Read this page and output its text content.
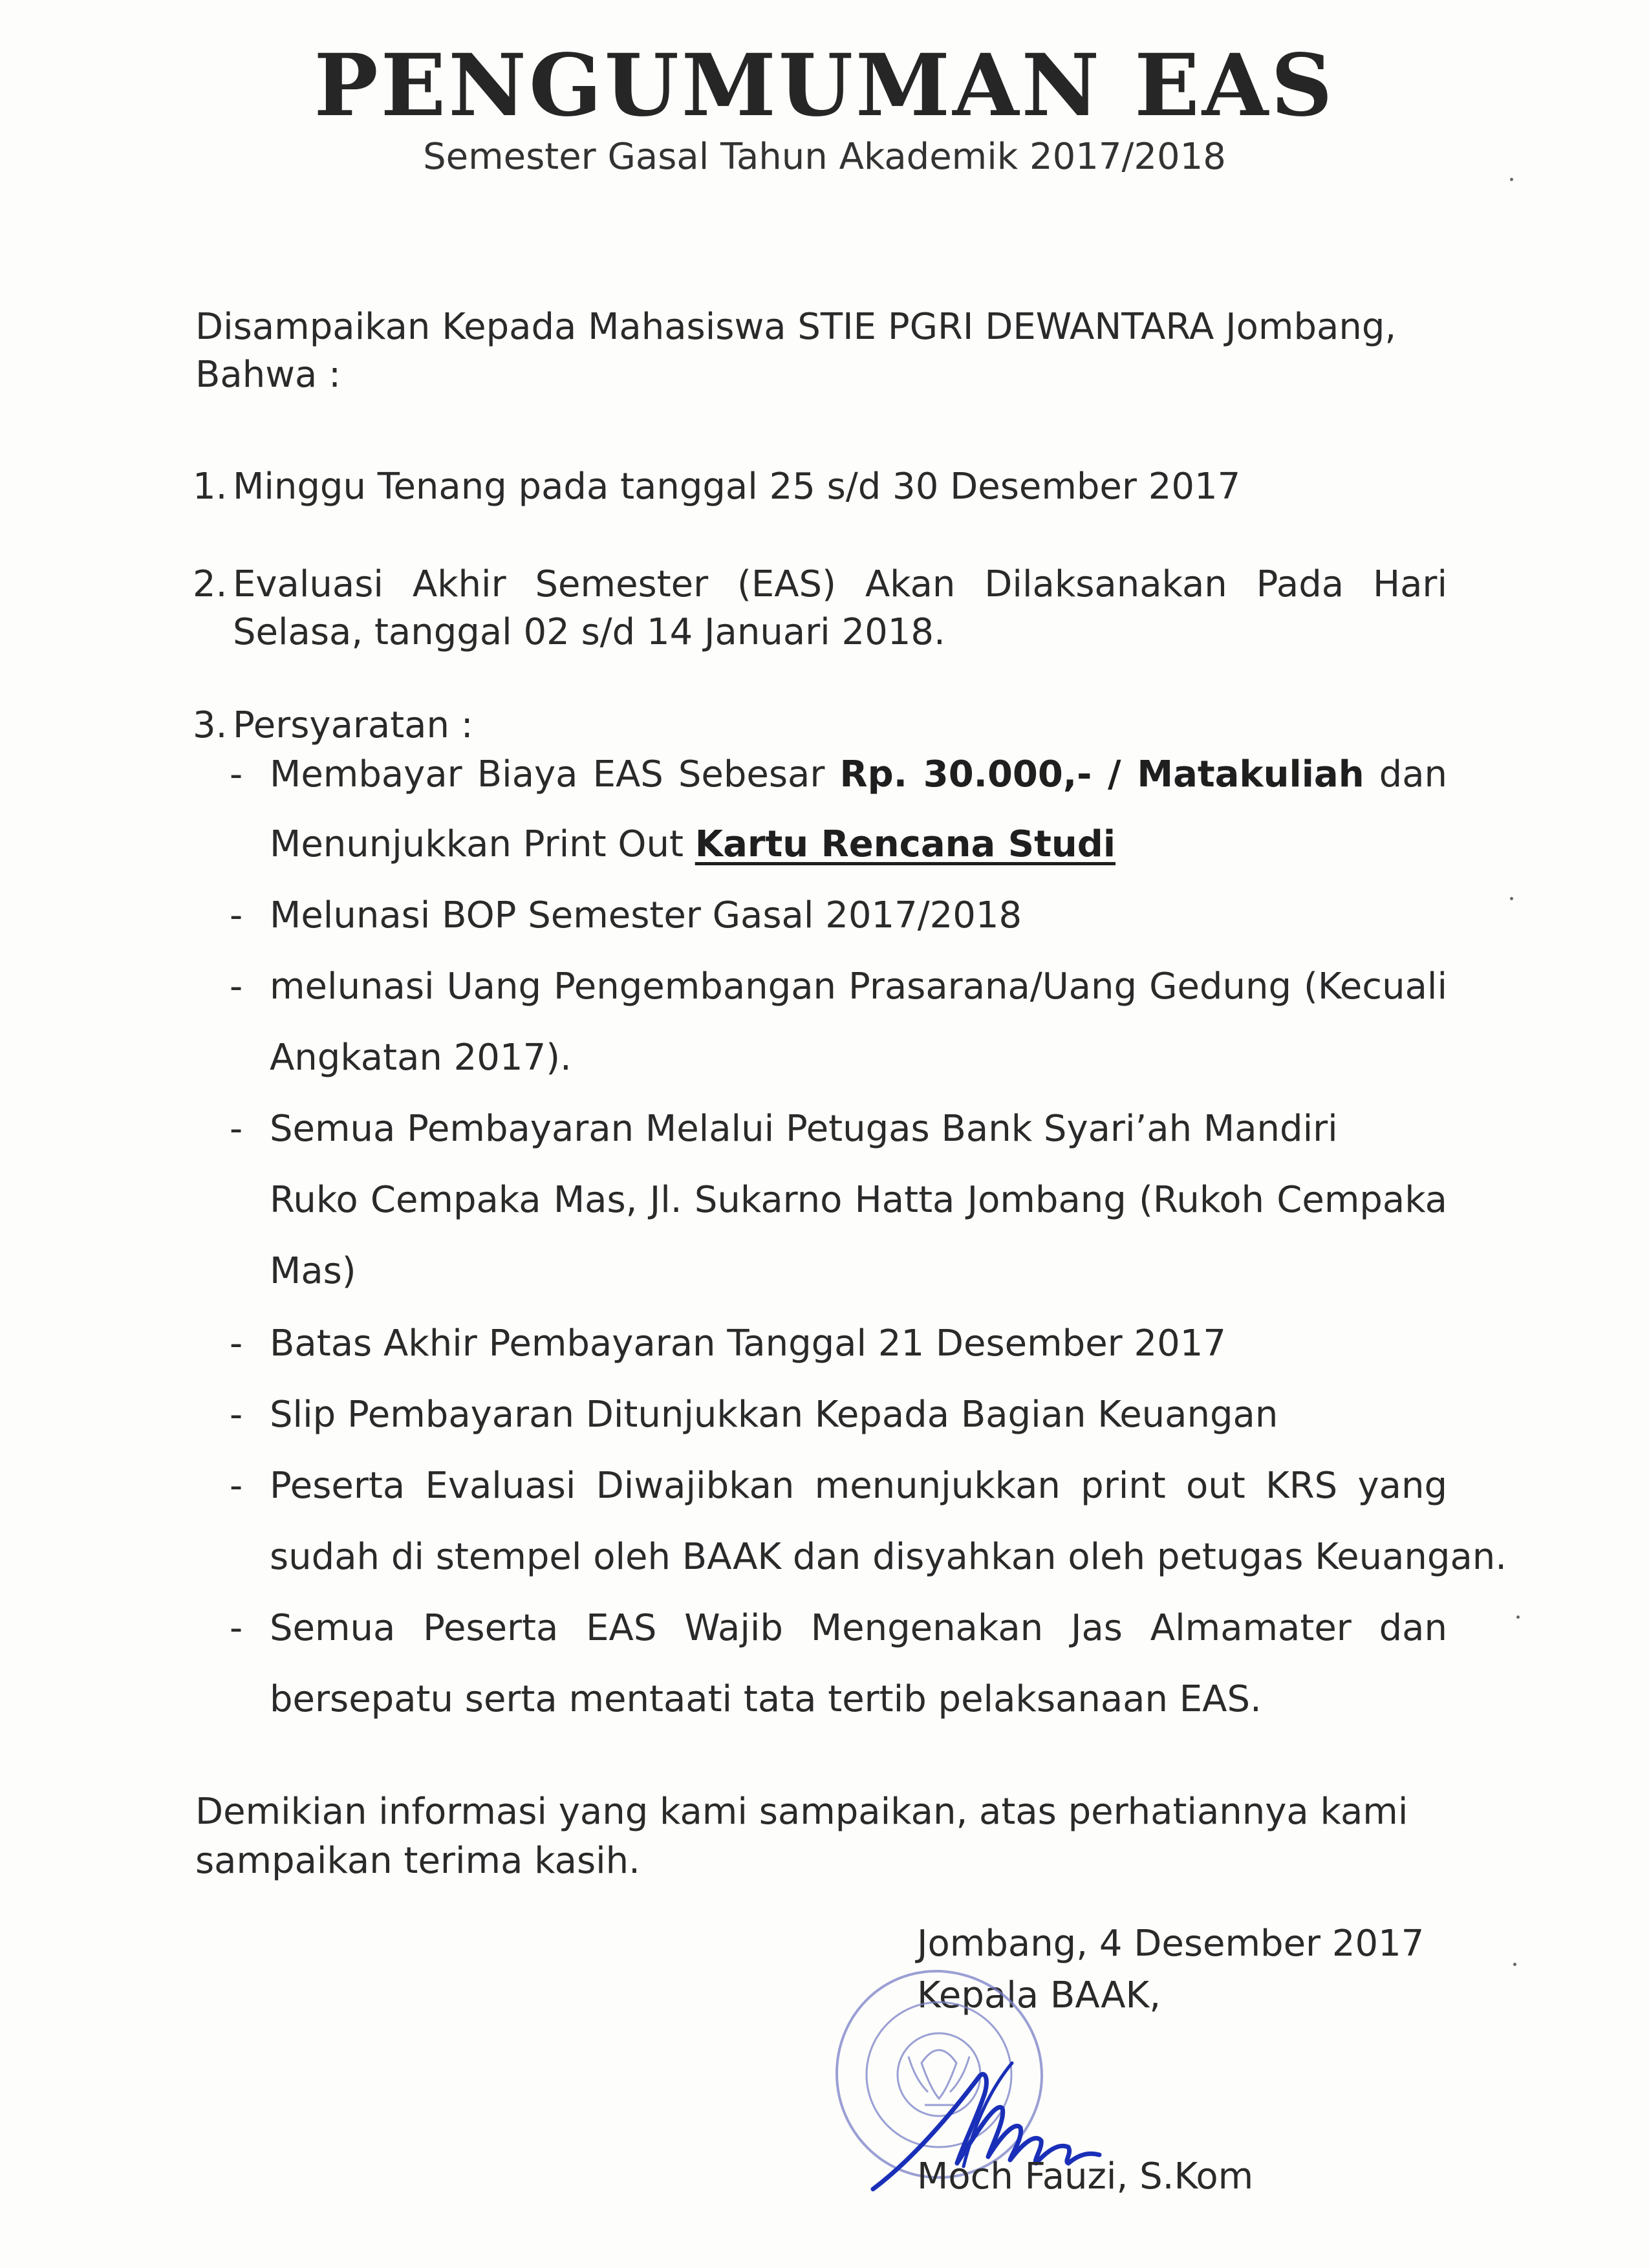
PENGUMUMAN EAS
Semester Gasal Tahun Akademik 2017/2018
Disampaikan Kepada Mahasiswa STIE PGRI DEWANTARA Jombang,
Bahwa :
1. Minggu Tenang pada tanggal 25 s/d 30 Desember 2017
2. Evaluasi Akhir Semester (EAS) Akan Dilaksanakan Pada Hari
Selasa, tanggal 02 s/d 14 Januari 2018.
3. Persyaratan :
- Membayar Biaya EAS Sebesar Rp. 30.000,- / Matakuliah dan
Menunjukkan Print Out Kartu Rencana Studi
- Melunasi BOP Semester Gasal 2017/2018
- melunasi Uang Pengembangan Prasarana/Uang Gedung (Kecuali
Angkatan 2017).
- Semua Pembayaran Melalui Petugas Bank Syari’ah Mandiri
Ruko Cempaka Mas, Jl. Sukarno Hatta Jombang (Rukoh Cempaka
Mas)
- Batas Akhir Pembayaran Tanggal 21 Desember 2017
- Slip Pembayaran Ditunjukkan Kepada Bagian Keuangan
- Peserta Evaluasi Diwajibkan menunjukkan print out KRS yang
sudah di stempel oleh BAAK dan disyahkan oleh petugas Keuangan.
- Semua Peserta EAS Wajib Mengenakan Jas Almamater dan
bersepatu serta mentaati tata tertib pelaksanaan EAS.
Demikian informasi yang kami sampaikan, atas perhatiannya kami
sampaikan terima kasih.
Jombang, 4 Desember 2017
Kepala BAAK,
Moch Fauzi, S.Kom
